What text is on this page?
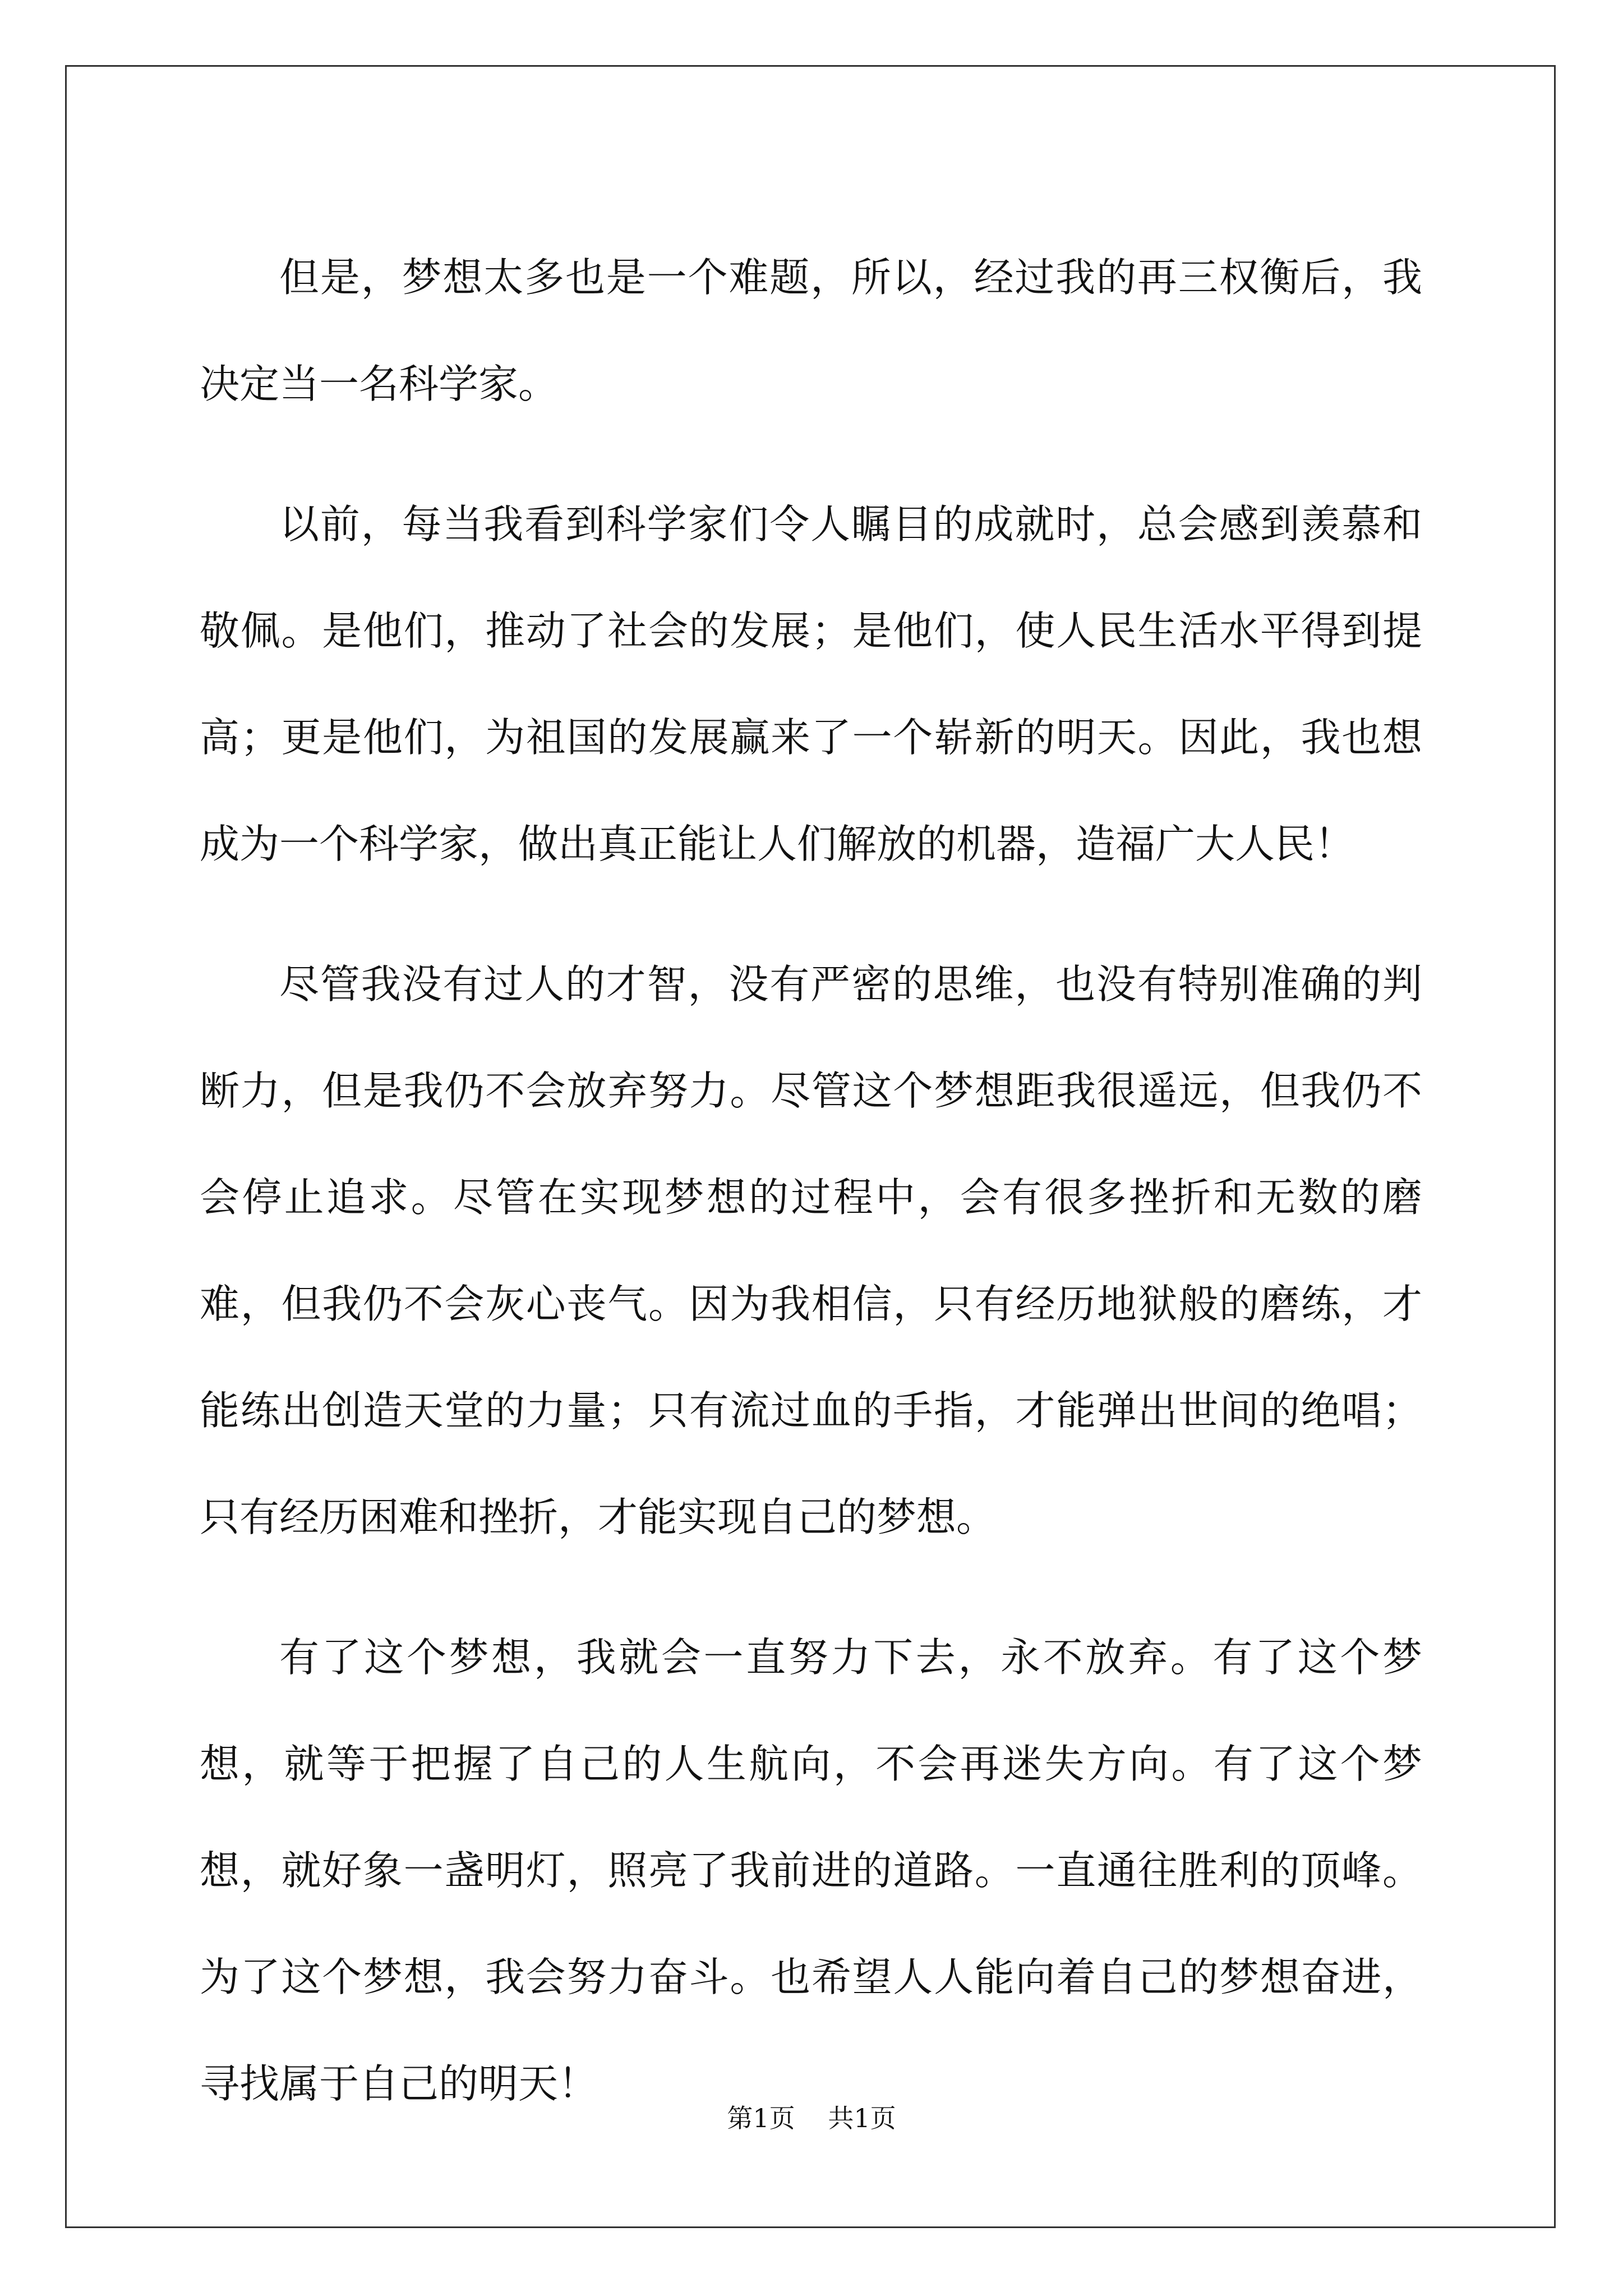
但是，梦想太多也是一个难题，所以，经过我的再三权衡后，我决定当一名科学家。

以前，每当我看到科学家们令人瞩目的成就时，总会感到羡慕和敬佩。是他们，推动了社会的发展；是他们，使人民生活水平得到提高；更是他们，为祖国的发展赢来了一个崭新的明天。因此，我也想成为一个科学家，做出真正能让人们解放的机器，造福广大人民！

尽管我没有过人的才智，没有严密的思维，也没有特别准确的判断力，但是我仍不会放弃努力。尽管这个梦想距我很遥远，但我仍不会停止追求。尽管在实现梦想的过程中，会有很多挫折和无数的磨难，但我仍不会灰心丧气。因为我相信，只有经历地狱般的磨练，才能练出创造天堂的力量；只有流过血的手指，才能弹出世间的绝唱；只有经历困难和挫折，才能实现自己的梦想。

有了这个梦想，我就会一直努力下去，永不放弃。有了这个梦想，就等于把握了自己的人生航向，不会再迷失方向。有了这个梦想，就好象一盏明灯，照亮了我前进的道路。一直通往胜利的顶峰。为了这个梦想，我会努力奋斗。也希望人人能向着自己的梦想奋进，寻找属于自己的明天！

第1页 共1页
